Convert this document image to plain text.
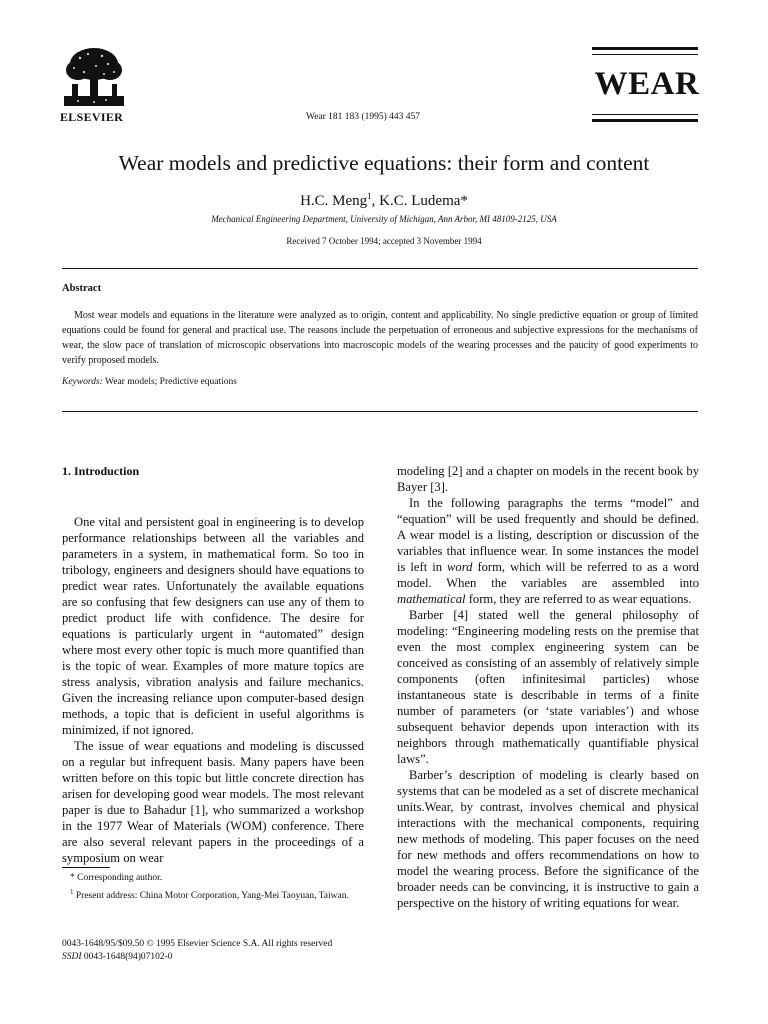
ELSEVIER	Wear 181 183 (1995) 443 457
WEAR
Wear models and predictive equations: their form and content
H.C. Meng$^1$, K.C. Ludema*
Mechanical Engineering Department, University of Michigan, Ann Arbor, MI 48109-2125, USA
Received 7 October 1994; accepted 3 November 1994
Abstract
Most wear models and equations in the literature were analyzed as to origin, content and applicability. No single predictive equation or group of limited equations could be found for general and practical use. The reasons include the perpetuation of erroneous and subjective expressions for the mechanisms of wear, the slow pace of translation of microscopic observations into macroscopic models of the wearing processes and the paucity of good experiments to verify proposed models.
Keywords: Wear models; Predictive equations
1. Introduction

One vital and persistent goal in engineering is to develop performance relationships between all the variables and parameters in a system, in mathematical form. So too in tribology, engineers and designers should have equations to predict wear rates. Unfortunately the available equations are so confusing that few designers can use any of them to predict product life with confidence. The desire for equations is particularly urgent in “automated” design where most every other topic is much more quantified than is the topic of wear. Examples of more mature topics are stress analysis, vibration analysis and failure mechanics. Given the increasing reliance upon computer-based design methods, a topic that is deficient in useful algorithms is minimized, if not ignored.

The issue of wear equations and modeling is discussed on a regular but infrequent basis. Many papers have been written before on this topic but little concrete direction has arisen for developing good wear models. The most relevant paper is due to Bahadur [1], who summarized a workshop in the 1977 Wear of Materials (WOM) conference. There are also several relevant papers in the proceedings of a symposium on wear

* Corresponding author.
$^1$ Present address: China Motor Corporation, Yang-Mei Taoyuan, Taiwan.
0043-1648/95/$09.50 © 1995 Elsevier Science S.A. All rights reserved
SSDI 0043-1648(94)07102-0

modeling [2] and a chapter on models in the recent book by Bayer [3].

In the following paragraphs the terms “model” and “equation” will be used frequently and should be defined. A wear model is a listing, description or discussion of the variables that influence wear. In some instances the model is left in word form, which will be referred to as a word model. When the variables are assembled into mathematical form, they are referred to as wear equations.

Barber [4] stated well the general philosophy of modeling: “Engineering modeling rests on the premise that even the most complex engineering system can be conceived as consisting of an assembly of relatively simple components (often infinitesimal particles) whose instantaneous state is describable in terms of a finite number of parameters (or ‘state variables’) and whose subsequent behavior depends upon interaction with its neighbors through mathematically quantifiable physical laws”.

Barber’s description of modeling is clearly based on systems that can be modeled as a set of discrete mechanical units.Wear, by contrast, involves chemical and physical interactions with the mechanical components, requiring new methods of modeling. This paper focuses on the need for new methods and offers recommendations on how to model the wearing process. Before the significance of the broader needs can be convincing, it is instructive to gain a perspective on the history of writing equations for wear.
